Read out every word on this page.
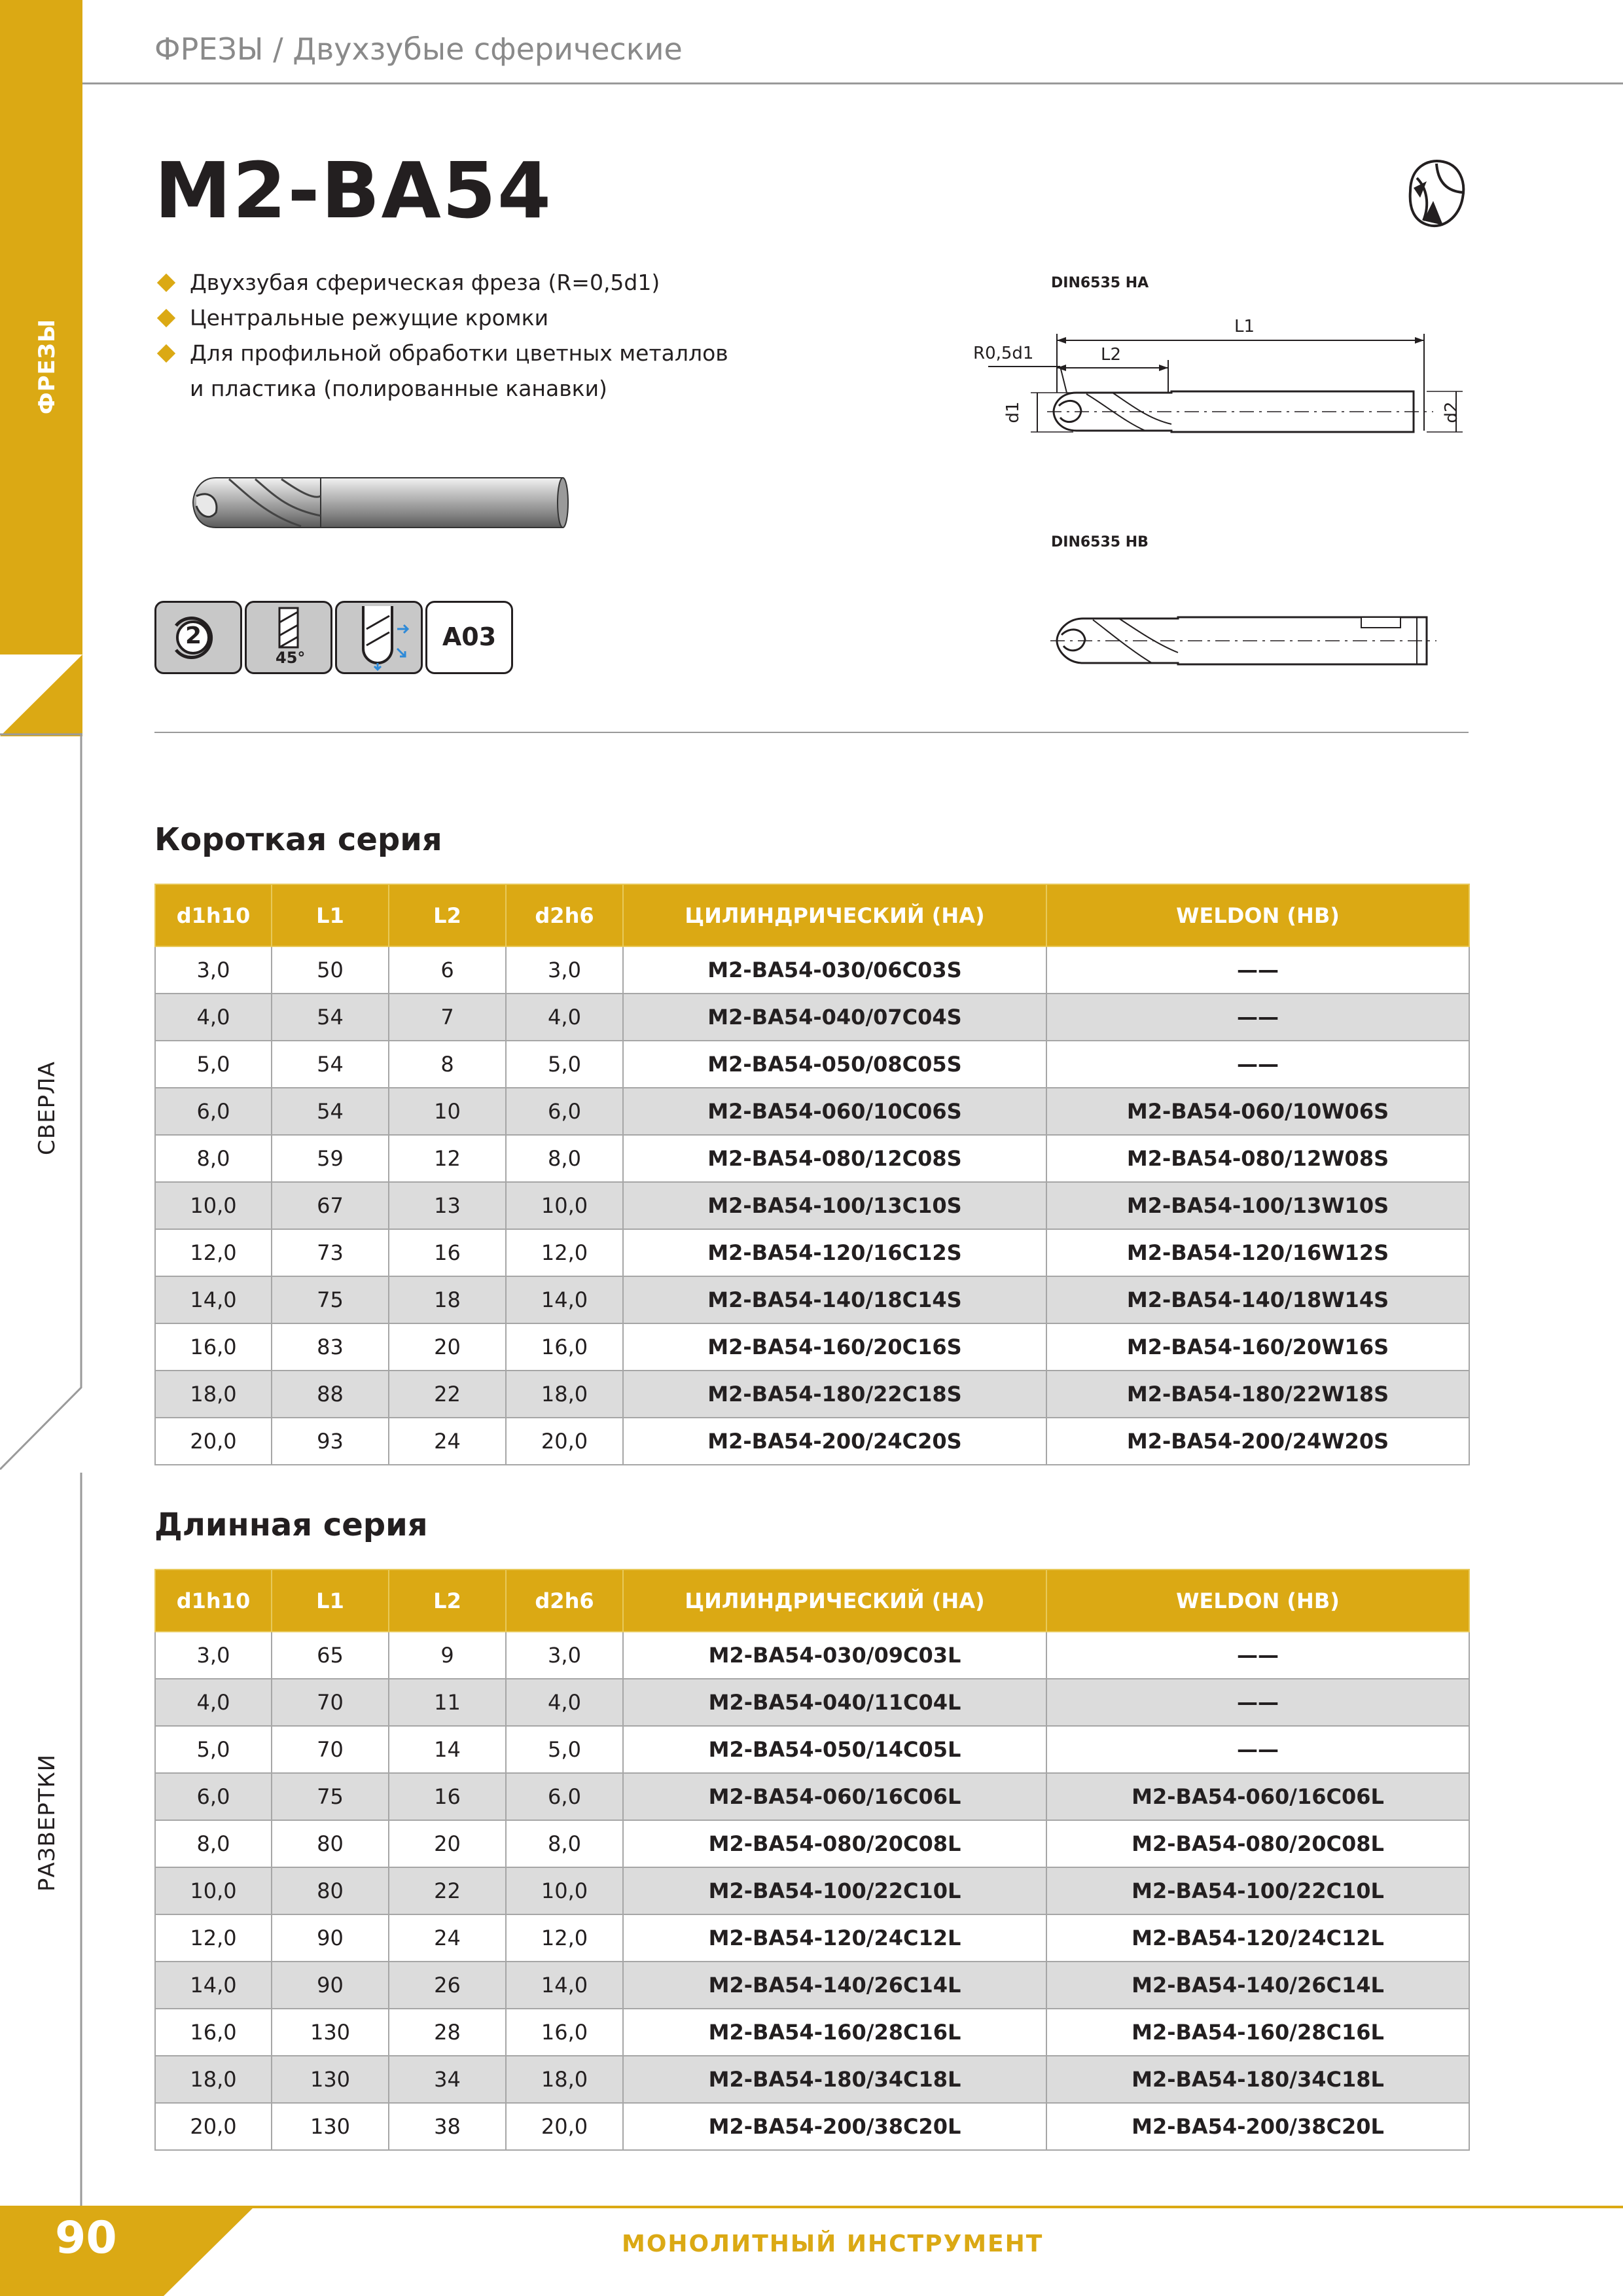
ФРЕЗЫ
СВЕРЛА
РАЗВЕРТКИ
ФРЕЗЫ / Двухзубые сферические
M2-BA54
Двухзубая сферическая фреза (R=0,5d1)
Центральные режущие кромки
Для профильной обработки цветных металлов
и пластика (полированные канавки)
2
45°
A03
DIN6535 HA
L1
L2
R0,5d1
d1	d2
DIN6535 HB
Короткая серия
d1h10	L1	L2	d2h6	ЦИЛИНДРИЧЕСКИЙ (HA)	WELDON (HB)
3,0	50	6	3,0	M2-BA54-030/06C03S	——
4,0	54	7	4,0	M2-BA54-040/07C04S	——
5,0	54	8	5,0	M2-BA54-050/08C05S	——
6,0	54	10	6,0	M2-BA54-060/10C06S	M2-BA54-060/10W06S
8,0	59	12	8,0	M2-BA54-080/12C08S	M2-BA54-080/12W08S
10,0	67	13	10,0	M2-BA54-100/13C10S	M2-BA54-100/13W10S
12,0	73	16	12,0	M2-BA54-120/16C12S	M2-BA54-120/16W12S
14,0	75	18	14,0	M2-BA54-140/18C14S	M2-BA54-140/18W14S
16,0	83	20	16,0	M2-BA54-160/20C16S	M2-BA54-160/20W16S
18,0	88	22	18,0	M2-BA54-180/22C18S	M2-BA54-180/22W18S
20,0	93	24	20,0	M2-BA54-200/24C20S	M2-BA54-200/24W20S
Длинная серия
d1h10	L1	L2	d2h6	ЦИЛИНДРИЧЕСКИЙ (HA)	WELDON (HB)
3,0	65	9	3,0	M2-BA54-030/09C03L	——
4,0	70	11	4,0	M2-BA54-040/11C04L	——
5,0	70	14	5,0	M2-BA54-050/14C05L	——
6,0	75	16	6,0	M2-BA54-060/16C06L	M2-BA54-060/16C06L
8,0	80	20	8,0	M2-BA54-080/20C08L	M2-BA54-080/20C08L
10,0	80	22	10,0	M2-BA54-100/22C10L	M2-BA54-100/22C10L
12,0	90	24	12,0	M2-BA54-120/24C12L	M2-BA54-120/24C12L
14,0	90	26	14,0	M2-BA54-140/26C14L	M2-BA54-140/26C14L
16,0	130	28	16,0	M2-BA54-160/28C16L	M2-BA54-160/28C16L
18,0	130	34	18,0	M2-BA54-180/34C18L	M2-BA54-180/34C18L
20,0	130	38	20,0	M2-BA54-200/38C20L	M2-BA54-200/38C20L
90	МОНОЛИТНЫЙ ИНСТРУМЕНТ
